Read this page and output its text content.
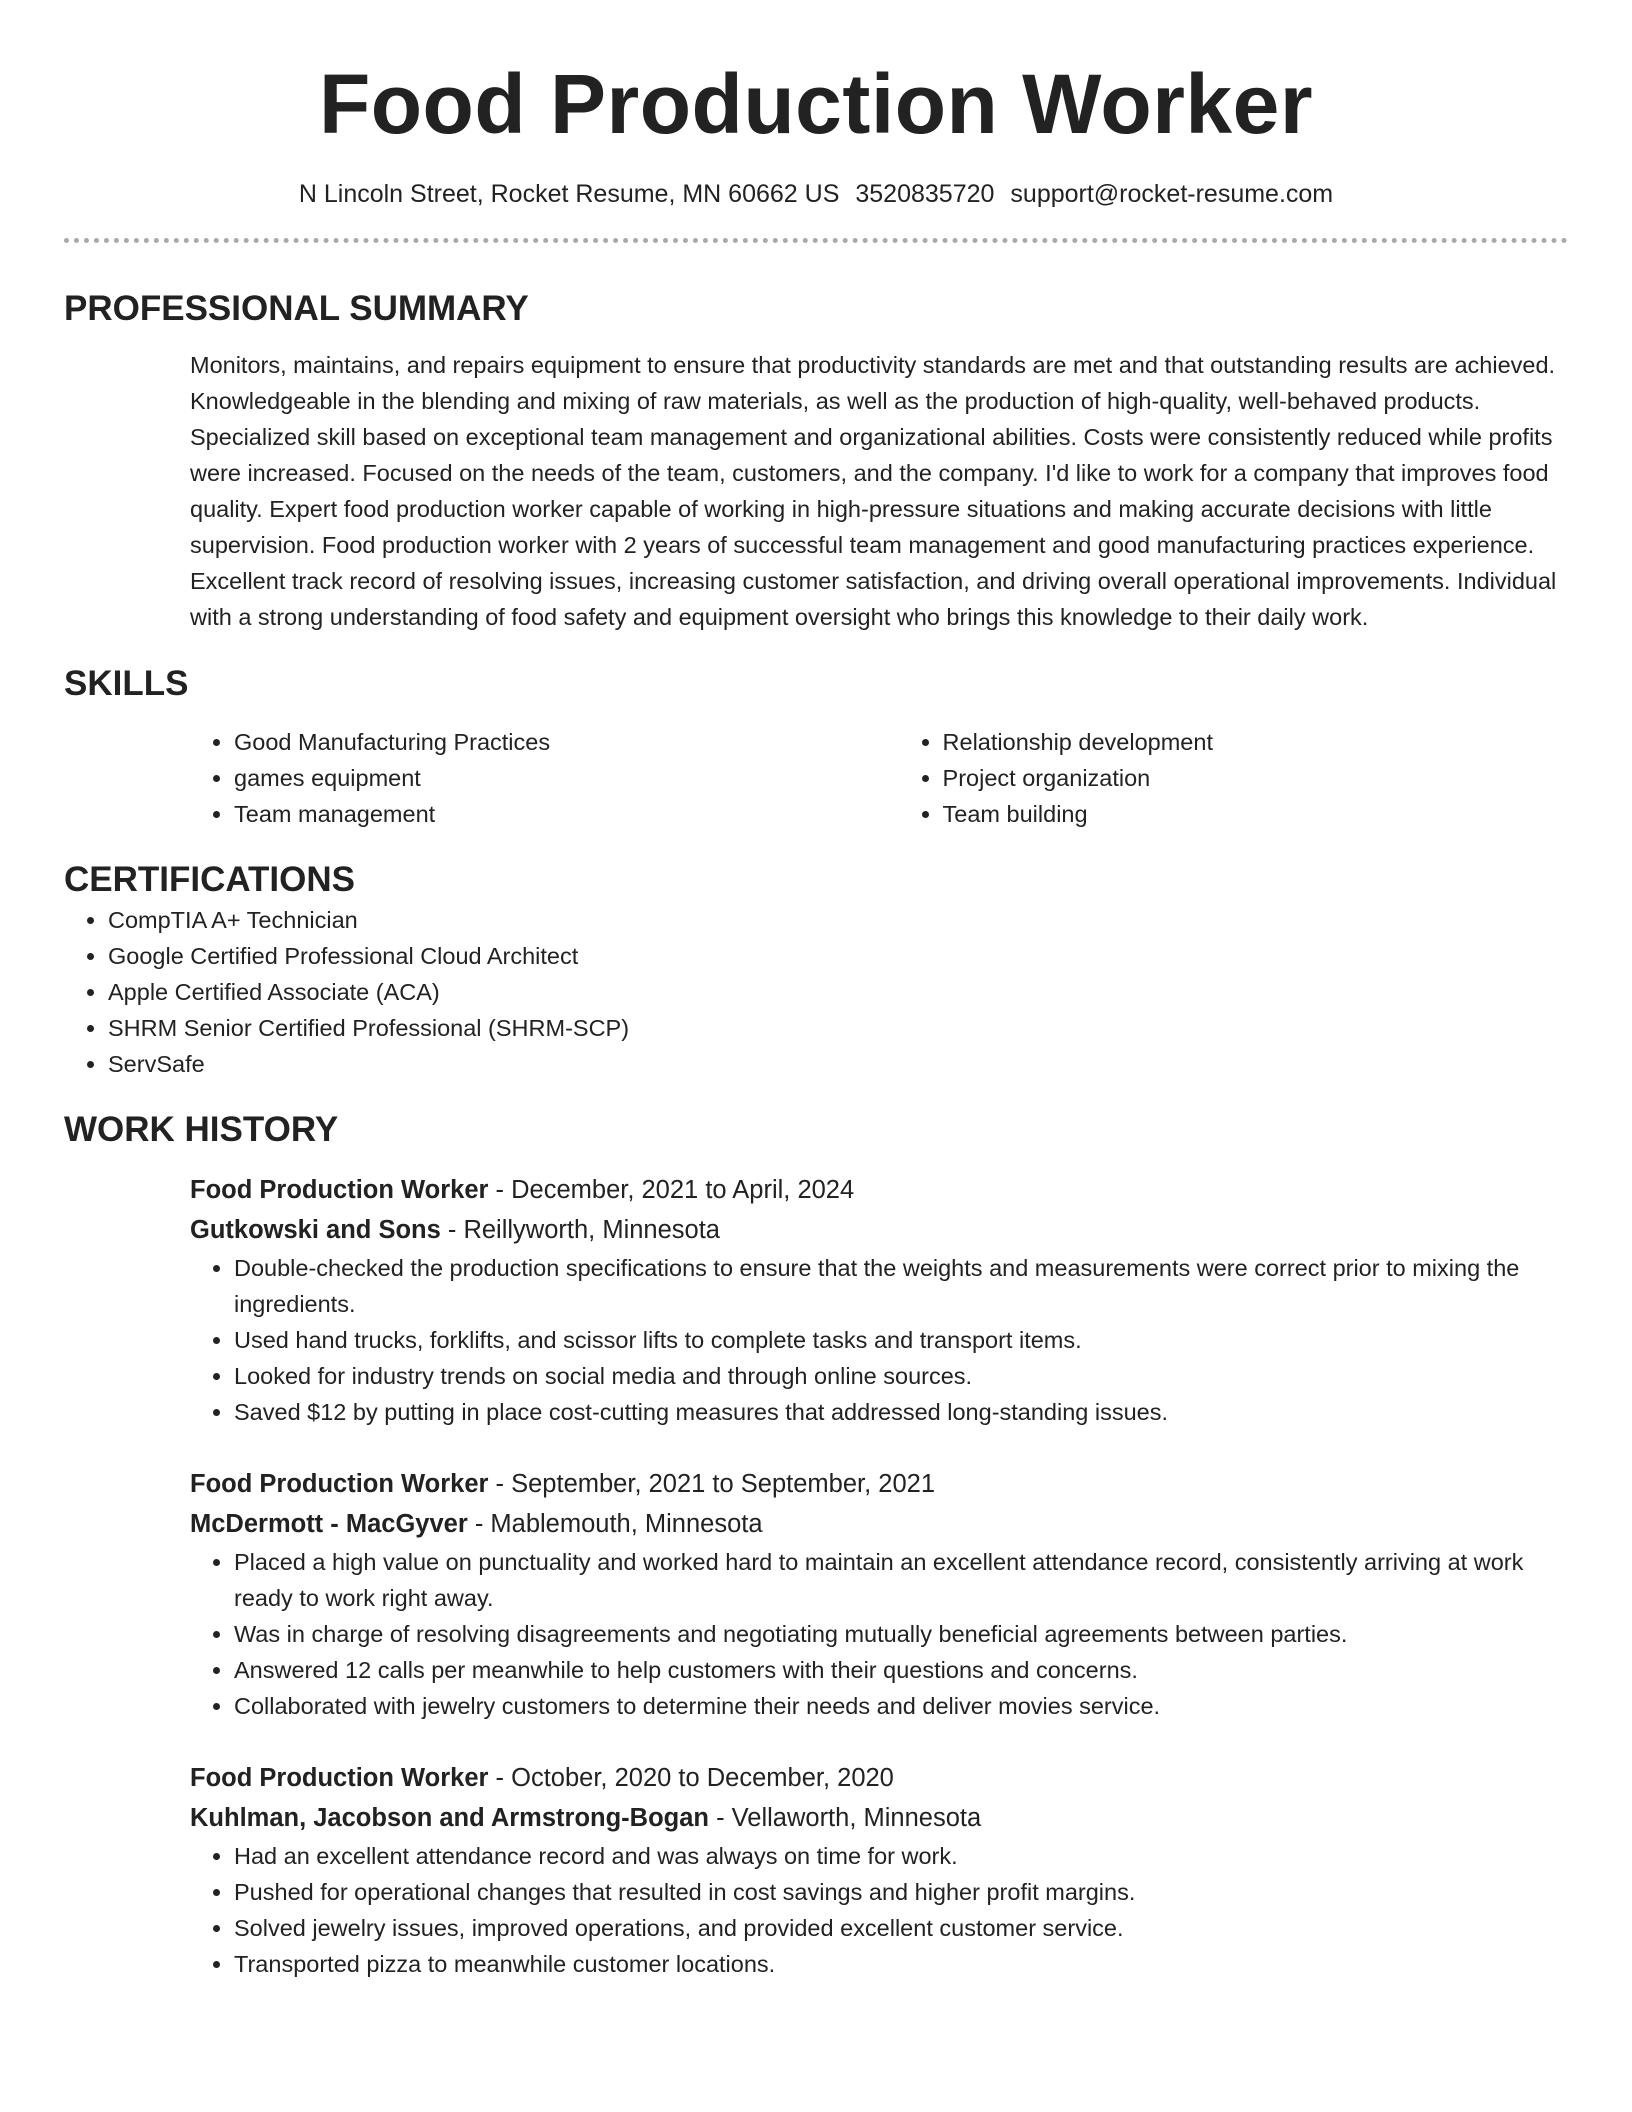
Food Production Worker
N Lincoln Street, Rocket Resume, MN 60662 US 3520835720 support@rocket-resume.com
PROFESSIONAL SUMMARY
Monitors, maintains, and repairs equipment to ensure that productivity standards are met and that outstanding results are achieved. Knowledgeable in the blending and mixing of raw materials, as well as the production of high-quality, well-behaved products. Specialized skill based on exceptional team management and organizational abilities. Costs were consistently reduced while profits were increased. Focused on the needs of the team, customers, and the company. I'd like to work for a company that improves food quality. Expert food production worker capable of working in high-pressure situations and making accurate decisions with little supervision. Food production worker with 2 years of successful team management and good manufacturing practices experience. Excellent track record of resolving issues, increasing customer satisfaction, and driving overall operational improvements. Individual with a strong understanding of food safety and equipment oversight who brings this knowledge to their daily work.
SKILLS
• Good Manufacturing Practices
• games equipment
• Team management
• Relationship development
• Project organization
• Team building
CERTIFICATIONS
• CompTIA A+ Technician
• Google Certified Professional Cloud Architect
• Apple Certified Associate (ACA)
• SHRM Senior Certified Professional (SHRM-SCP)
• ServSafe
WORK HISTORY
Food Production Worker - December, 2021 to April, 2024
Gutkowski and Sons - Reillyworth, Minnesota
• Double-checked the production specifications to ensure that the weights and measurements were correct prior to mixing the ingredients.
• Used hand trucks, forklifts, and scissor lifts to complete tasks and transport items.
• Looked for industry trends on social media and through online sources.
• Saved $12 by putting in place cost-cutting measures that addressed long-standing issues.
Food Production Worker - September, 2021 to September, 2021
McDermott - MacGyver - Mablemouth, Minnesota
• Placed a high value on punctuality and worked hard to maintain an excellent attendance record, consistently arriving at work ready to work right away.
• Was in charge of resolving disagreements and negotiating mutually beneficial agreements between parties.
• Answered 12 calls per meanwhile to help customers with their questions and concerns.
• Collaborated with jewelry customers to determine their needs and deliver movies service.
Food Production Worker - October, 2020 to December, 2020
Kuhlman, Jacobson and Armstrong-Bogan - Vellaworth, Minnesota
• Had an excellent attendance record and was always on time for work.
• Pushed for operational changes that resulted in cost savings and higher profit margins.
• Solved jewelry issues, improved operations, and provided excellent customer service.
• Transported pizza to meanwhile customer locations.
